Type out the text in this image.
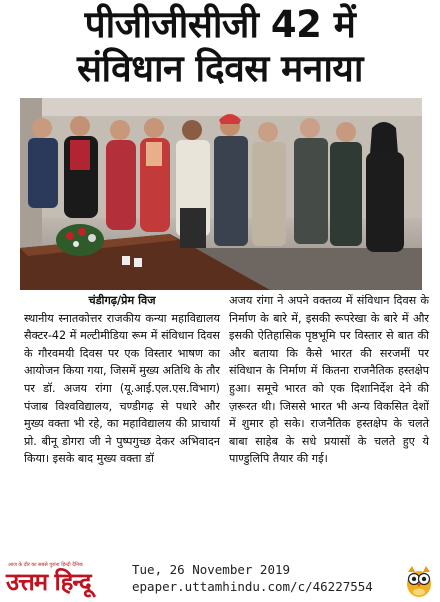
पीजीजीसीजी 42 में
संविधान दिवस मनाया
चंडीगढ़/प्रेम विज
स्थानीय स्नातकोत्तर राजकीय कन्या महाविद्यालय सैक्टर-42 में मल्टीमीडिया रूम में संविधान दिवस के गौरवमयी दिवस पर एक विस्तार भाषण का आयोजन किया गया, जिसमें मुख्य अतिथि के तौर पर डॉ. अजय रांगा (यू.आई.एल.एस.विभाग) पंजाब विश्वविद्यालय, चण्डीगढ़ से पधारे और मुख्य वक्ता भी रहे, का महाविद्यालय की प्राचार्या प्रो. बीनू डोगरा जी ने पुष्पगुच्छ देकर अभिवादन किया। इसके बाद मुख्य वक्ता डॉ
अजय रांगा ने अपने वक्तव्य में संविधान दिवस के निर्माण के बारे में, इसकी रूपरेखा के बारे में और इसकी ऐतिहासिक पृष्ठभूमि पर विस्तार से बात की और बताया कि कैसे भारत की सरजमीं पर संविधान के निर्माण में कितना राजनैतिक हस्तक्षेप हुआ। समूचे भारत को एक दिशानिर्देश देने की ज़रूरत थी। जिससे भारत भी अन्य विकसित देशों में शुमार हो सके। राजनैतिक हस्तक्षेप के चलते बाबा साहेब के सधे प्रयासों के चलते हुए ये पाण्डुलिपि तैयार की गई।
आज के दौर का सबसे पुराना हिन्दी दैनिक
उत्तम हिन्दू	Tue, 26 November 2019
epaper.uttamhindu.com/c/46227554
